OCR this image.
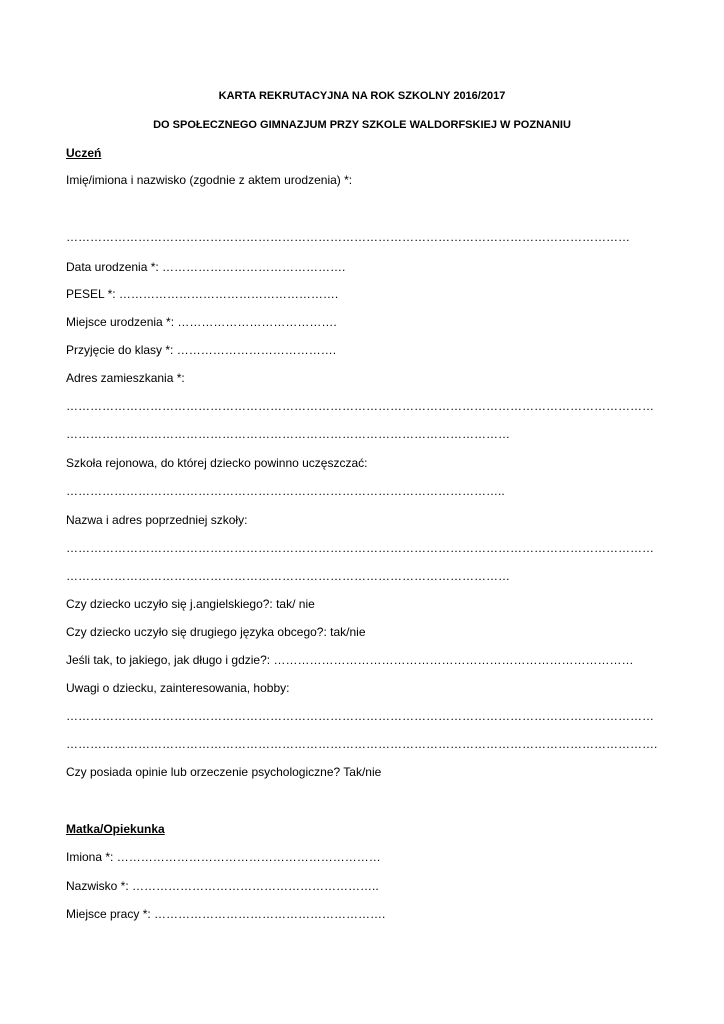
KARTA REKRUTACYJNA NA ROK SZKOLNY 2016/2017
DO SPOŁECZNEGO GIMNAZJUM PRZY SZKOLE WALDORFSKIEJ W POZNANIU
Uczeń
Imię/imiona i nazwisko (zgodnie z aktem urodzenia) *:
……………………………………………………………………………………………………………………………
Data urodzenia *: ……………………………………….
PESEL *: ……………………………………………….
Miejsce urodzenia *: ………………………………….
Przyjęcie do klasy *: ………………………………….
Adres zamieszkania *:
…………………………………………………………………………………………………………………………………
…………………………………………………………………………………………………
Szkoła rejonowa, do której dziecko powinno uczęszczać:
………………………………………………………………………………………………..
Nazwa i adres poprzedniej szkoły:
…………………………………………………………………………………………………………………………………
…………………………………………………………………………………………………
Czy dziecko uczyło się j.angielskiego?: tak/ nie
Czy dziecko uczyło się drugiego języka obcego?: tak/nie
Jeśli tak, to jakiego, jak długo i gdzie?: ………………………………………………………………………………
Uwagi o dziecku, zainteresowania, hobby:
…………………………………………………………………………………………………………………………………
………………………………………………………………………………………………………………………………….
Czy posiada opinie lub orzeczenie psychologiczne? Tak/nie
Matka/Opiekunka
Imiona *: …………………………………………………………
Nazwisko *: ……………………………………………………..
Miejsce pracy *: ………………………………………………….
